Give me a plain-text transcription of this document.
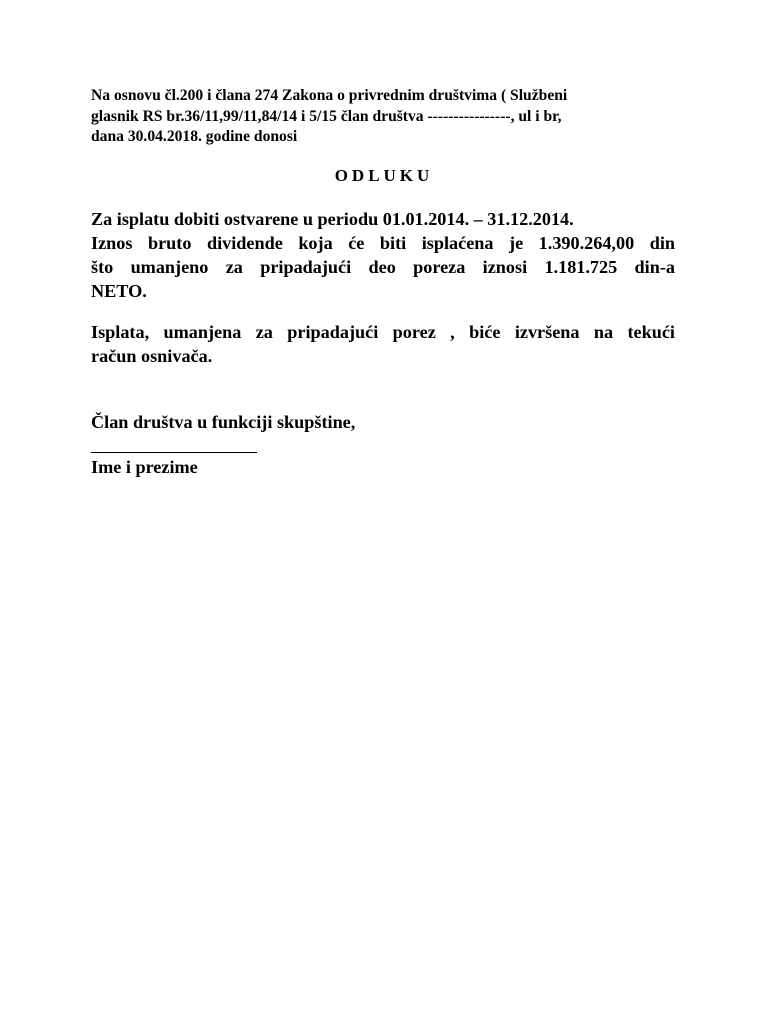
Na osnovu čl.200 i člana 274 Zakona o privrednim društvima ( Službeni
glasnik RS br.36/11,99/11,84/14 i 5/15 član društva ----------------, ul i br,
dana 30.04.2018. godine donosi

ODLUKU

Za isplatu dobiti ostvarene u periodu 01.01.2014. – 31.12.2014.
Iznos bruto dividende koja će biti isplaćena je 1.390.264,00 din
što umanjeno za pripadajući deo poreza iznosi 1.181.725 din-a
NETO.

Isplata, umanjena za pripadajući porez , biće izvršena na tekući
račun osnivača.

Član društva u funkciji skupštine,
Ime i prezime
